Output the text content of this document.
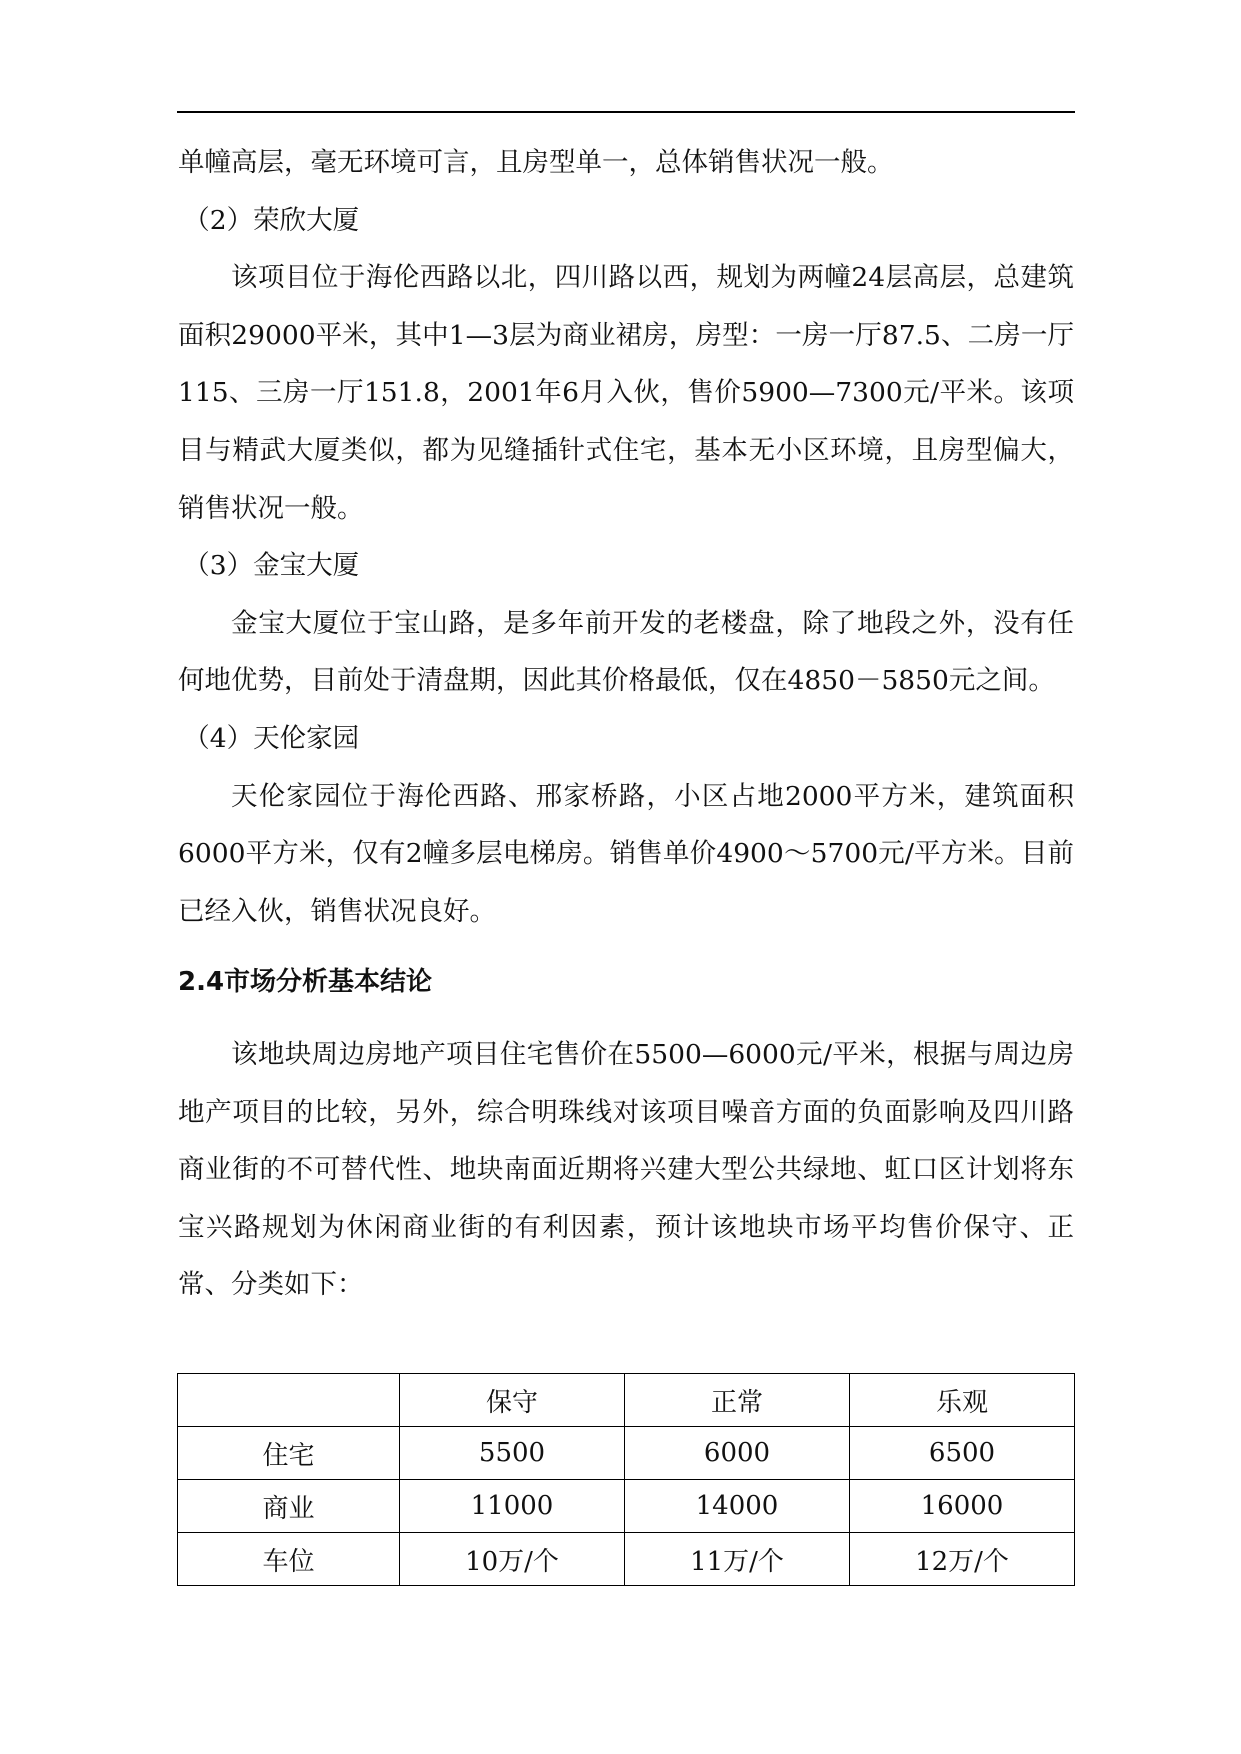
单幢高层，毫无环境可言，且房型单一，总体销售状况一般。

（2）荣欣大厦

该项目位于海伦西路以北，四川路以西，规划为两幢24层高层，总建筑面积29000平米，其中1—3层为商业裙房，房型：一房一厅87.5、二房一厅115、三房一厅151.8，2001年6月入伙，售价5900—7300元/平米。该项目与精武大厦类似，都为见缝插针式住宅，基本无小区环境，且房型偏大，销售状况一般。

（3）金宝大厦

金宝大厦位于宝山路，是多年前开发的老楼盘，除了地段之外，没有任何地优势，目前处于清盘期，因此其价格最低，仅在4850－5850元之间。

（4）天伦家园

天伦家园位于海伦西路、邢家桥路，小区占地2000平方米，建筑面积6000平方米，仅有2幢多层电梯房。销售单价4900～5700元/平方米。目前已经入伙，销售状况良好。

2.4市场分析基本结论

该地块周边房地产项目住宅售价在5500—6000元/平米，根据与周边房地产项目的比较，另外，综合明珠线对该项目噪音方面的负面影响及四川路商业街的不可替代性、地块南面近期将兴建大型公共绿地、虹口区计划将东宝兴路规划为休闲商业街的有利因素，预计该地块市场平均售价保守、正常、分类如下：

	保守	正常	乐观
住宅	5500	6000	6500
商业	11000	14000	16000
车位	10万/个	11万/个	12万/个
